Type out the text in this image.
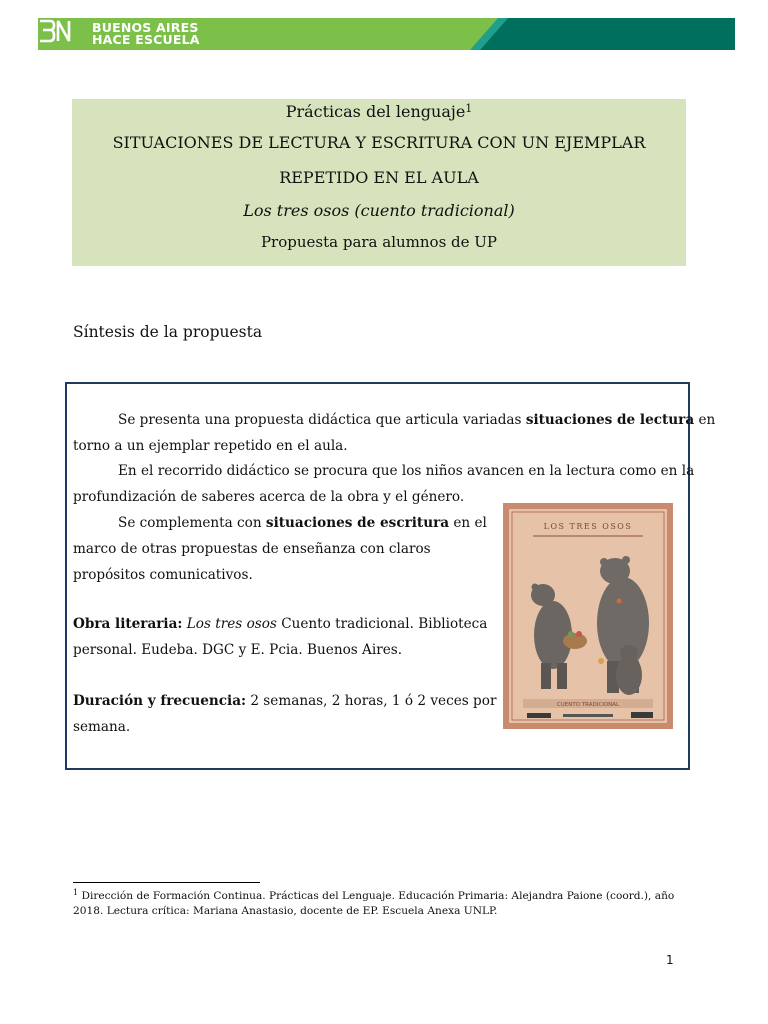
BUENOS AIRES
HACE ESCUELA
Prácticas del lenguaje$^1$
SITUACIONES DE LECTURA Y ESCRITURA CON UN EJEMPLAR
REPETIDO EN EL AULA
Los tres osos (cuento tradicional)
Propuesta para alumnos de UP
Síntesis de la propuesta
Se presenta una propuesta didáctica que articula variadas situaciones de lectura en
torno a un ejemplar repetido en el aula.
En el recorrido didáctico se procura que los niños avancen en la lectura como en la
profundización de saberes acerca de la obra y el género.
Se complementa con situaciones de escritura en el
marco de otras propuestas de enseñanza con claros
propósitos comunicativos.
Obra literaria: Los tres osos Cuento tradicional. Biblioteca
personal. Eudeba. DGC y E. Pcia. Buenos Aires.
Duración y frecuencia: 2 semanas, 2 horas, 1 ó 2 veces por
semana.
LOS TRES OSOS
CUENTO TRADICIONAL
$^1$ Dirección de Formación Continua. Prácticas del Lenguaje. Educación Primaria: Alejandra Paione (coord.), año
2018. Lectura crítica: Mariana Anastasio, docente de EP. Escuela Anexa UNLP.
1
